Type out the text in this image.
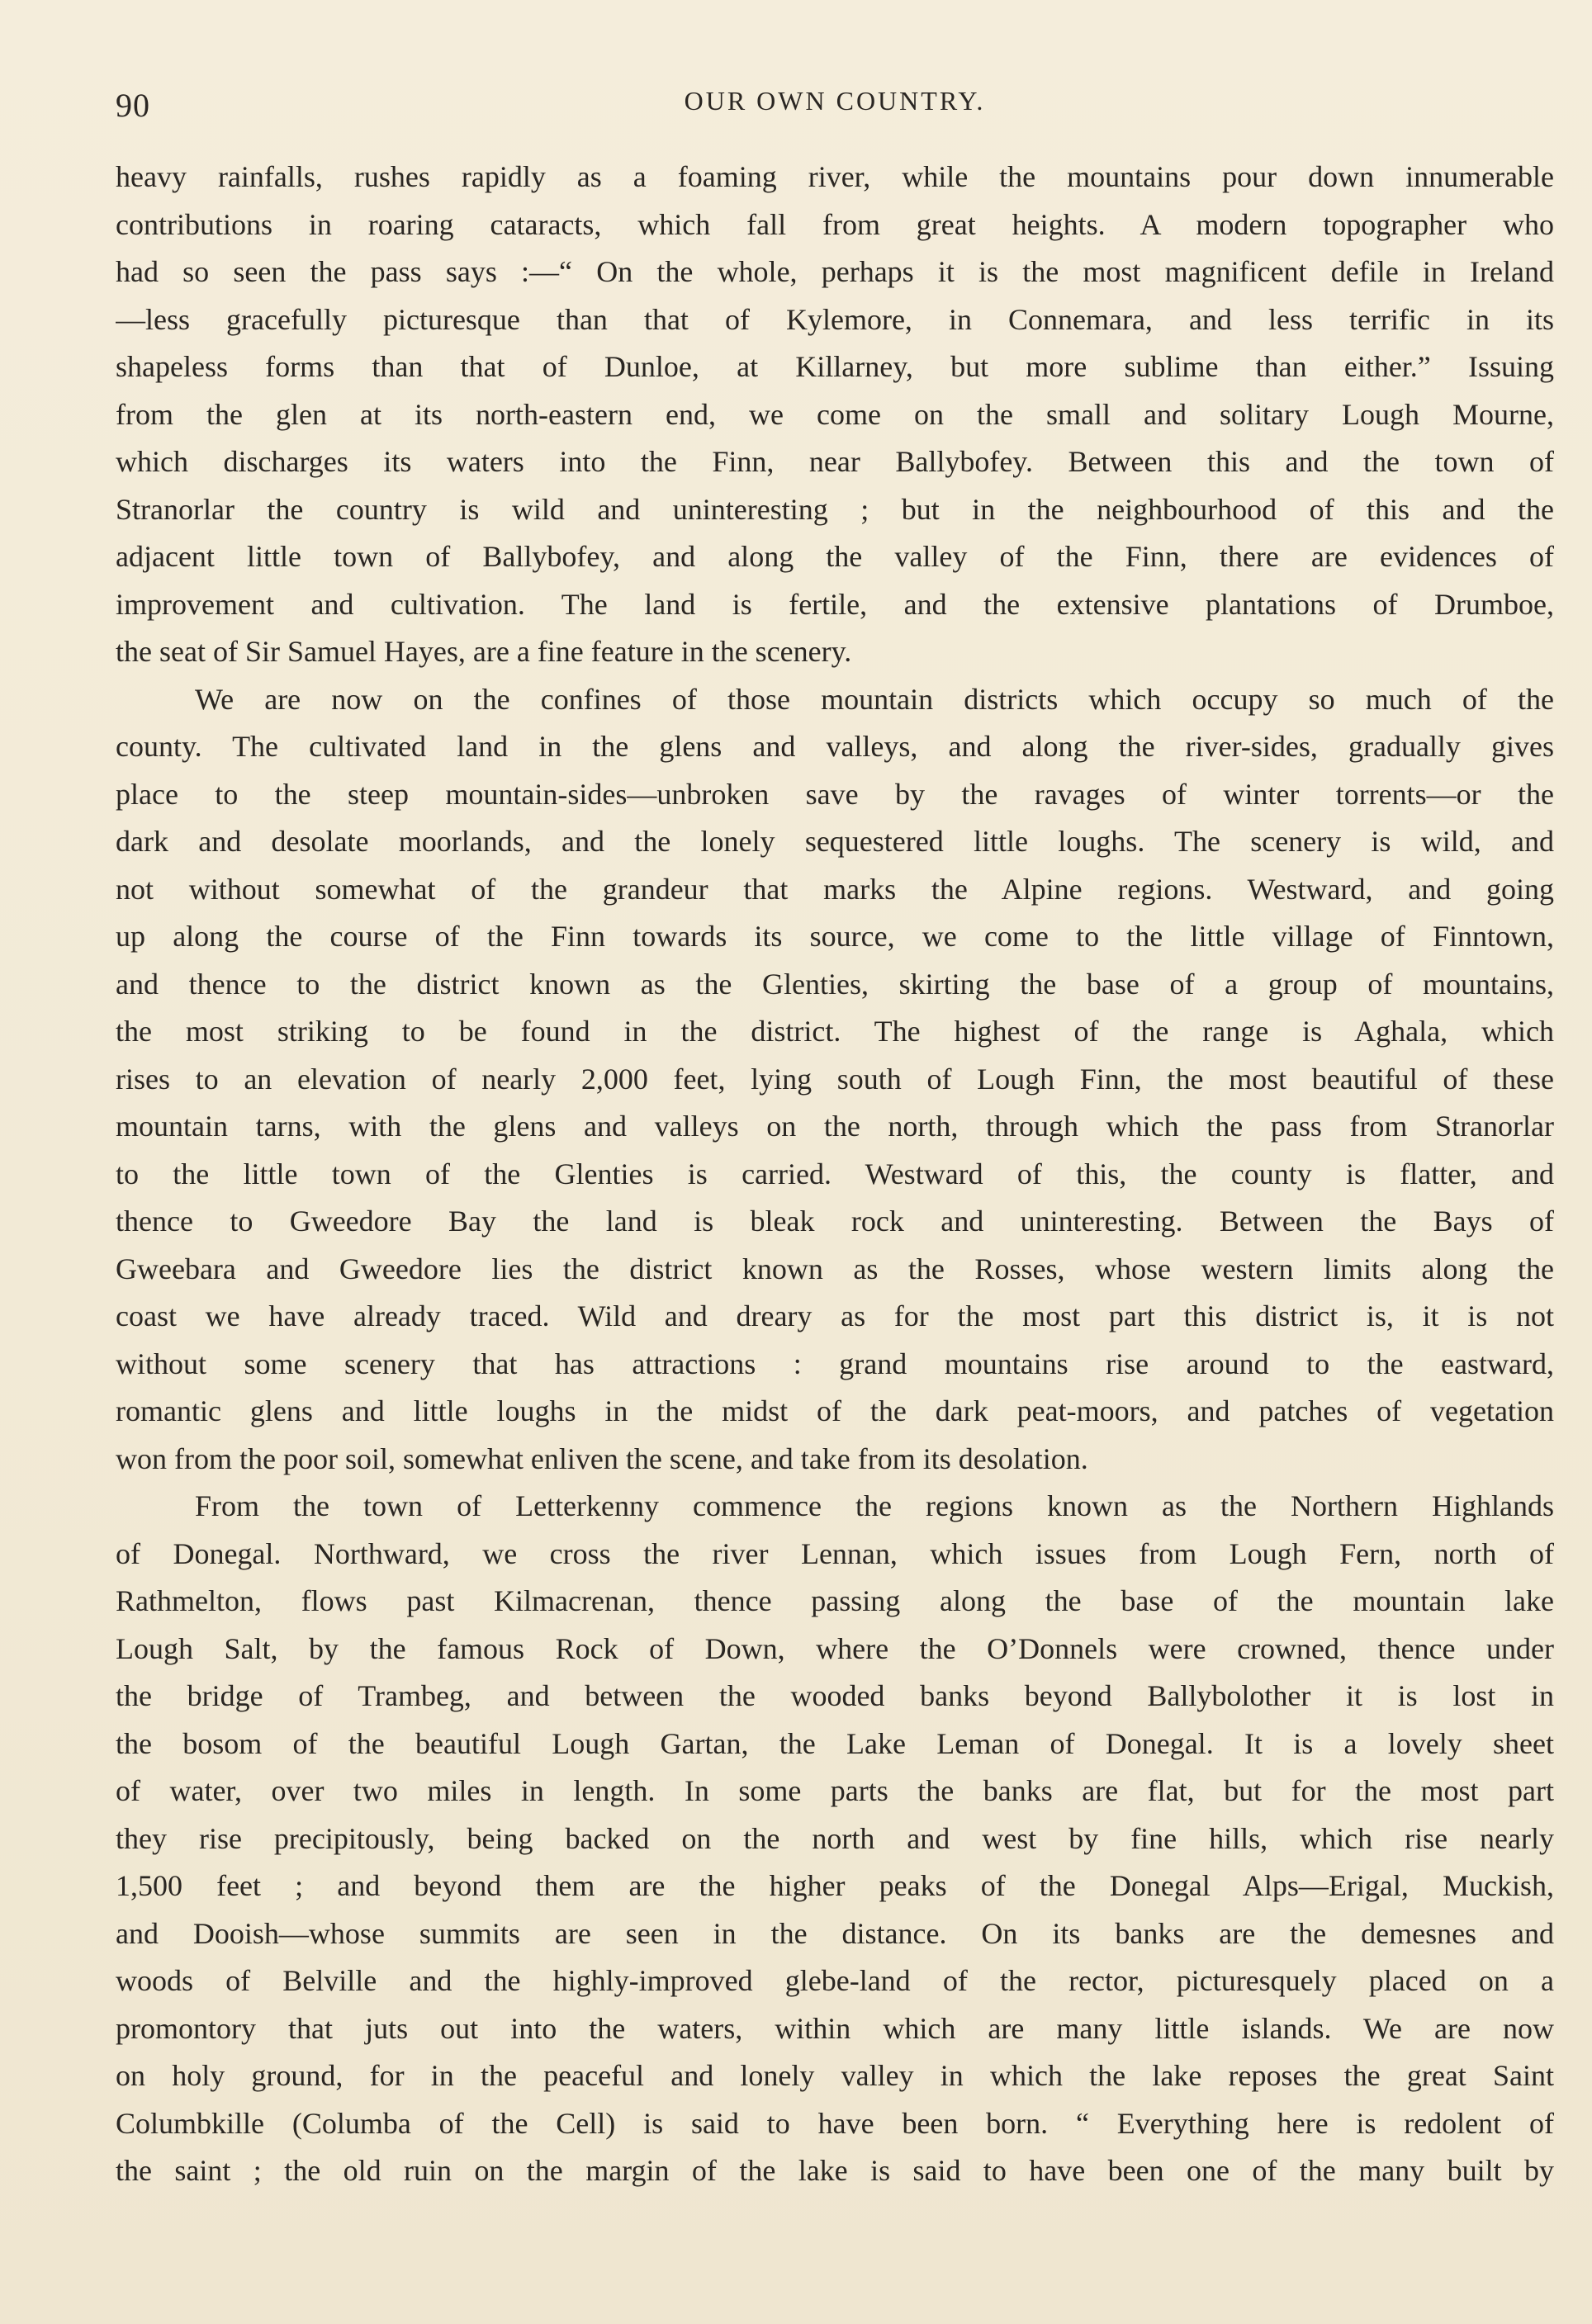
90	OUR OWN COUNTRY.

heavy rainfalls, rushes rapidly as a foaming river, while the mountains pour down innumerable
contributions in roaring cataracts, which fall from great heights. A modern topographer who
had so seen the pass says :—“ On the whole, perhaps it is the most magnificent defile in Ireland
—less gracefully picturesque than that of Kylemore, in Connemara, and less terrific in its
shapeless forms than that of Dunloe, at Killarney, but more sublime than either.” Issuing
from the glen at its north-eastern end, we come on the small and solitary Lough Mourne,
which discharges its waters into the Finn, near Ballybofey. Between this and the town of
Stranorlar the country is wild and uninteresting ; but in the neighbourhood of this and the
adjacent little town of Ballybofey, and along the valley of the Finn, there are evidences of
improvement and cultivation. The land is fertile, and the extensive plantations of Drumboe,
the seat of Sir Samuel Hayes, are a fine feature in the scenery.

We are now on the confines of those mountain districts which occupy so much of the
county. The cultivated land in the glens and valleys, and along the river-sides, gradually gives
place to the steep mountain-sides—unbroken save by the ravages of winter torrents—or the
dark and desolate moorlands, and the lonely sequestered little loughs. The scenery is wild, and
not without somewhat of the grandeur that marks the Alpine regions. Westward, and going
up along the course of the Finn towards its source, we come to the little village of Finntown,
and thence to the district known as the Glenties, skirting the base of a group of mountains,
the most striking to be found in the district. The highest of the range is Aghala, which
rises to an elevation of nearly 2,000 feet, lying south of Lough Finn, the most beautiful of these
mountain tarns, with the glens and valleys on the north, through which the pass from Stranorlar
to the little town of the Glenties is carried. Westward of this, the county is flatter, and
thence to Gweedore Bay the land is bleak rock and uninteresting. Between the Bays of
Gweebara and Gweedore lies the district known as the Rosses, whose western limits along the
coast we have already traced. Wild and dreary as for the most part this district is, it is not
without some scenery that has attractions : grand mountains rise around to the eastward,
romantic glens and little loughs in the midst of the dark peat-moors, and patches of vegetation
won from the poor soil, somewhat enliven the scene, and take from its desolation.

From the town of Letterkenny commence the regions known as the Northern Highlands
of Donegal. Northward, we cross the river Lennan, which issues from Lough Fern, north of
Rathmelton, flows past Kilmacrenan, thence passing along the base of the mountain lake
Lough Salt, by the famous Rock of Down, where the O’Donnels were crowned, thence under
the bridge of Trambeg, and between the wooded banks beyond Ballybolother it is lost in
the bosom of the beautiful Lough Gartan, the Lake Leman of Donegal. It is a lovely sheet
of water, over two miles in length. In some parts the banks are flat, but for the most part
they rise precipitously, being backed on the north and west by fine hills, which rise nearly
1,500 feet ; and beyond them are the higher peaks of the Donegal Alps—Erigal, Muckish,
and Dooish—whose summits are seen in the distance. On its banks are the demesnes and
woods of Belville and the highly-improved glebe-land of the rector, picturesquely placed on a
promontory that juts out into the waters, within which are many little islands. We are now
on holy ground, for in the peaceful and lonely valley in which the lake reposes the great Saint
Columbkille (Columba of the Cell) is said to have been born. “ Everything here is redolent of
the saint ; the old ruin on the margin of the lake is said to have been one of the many built by
